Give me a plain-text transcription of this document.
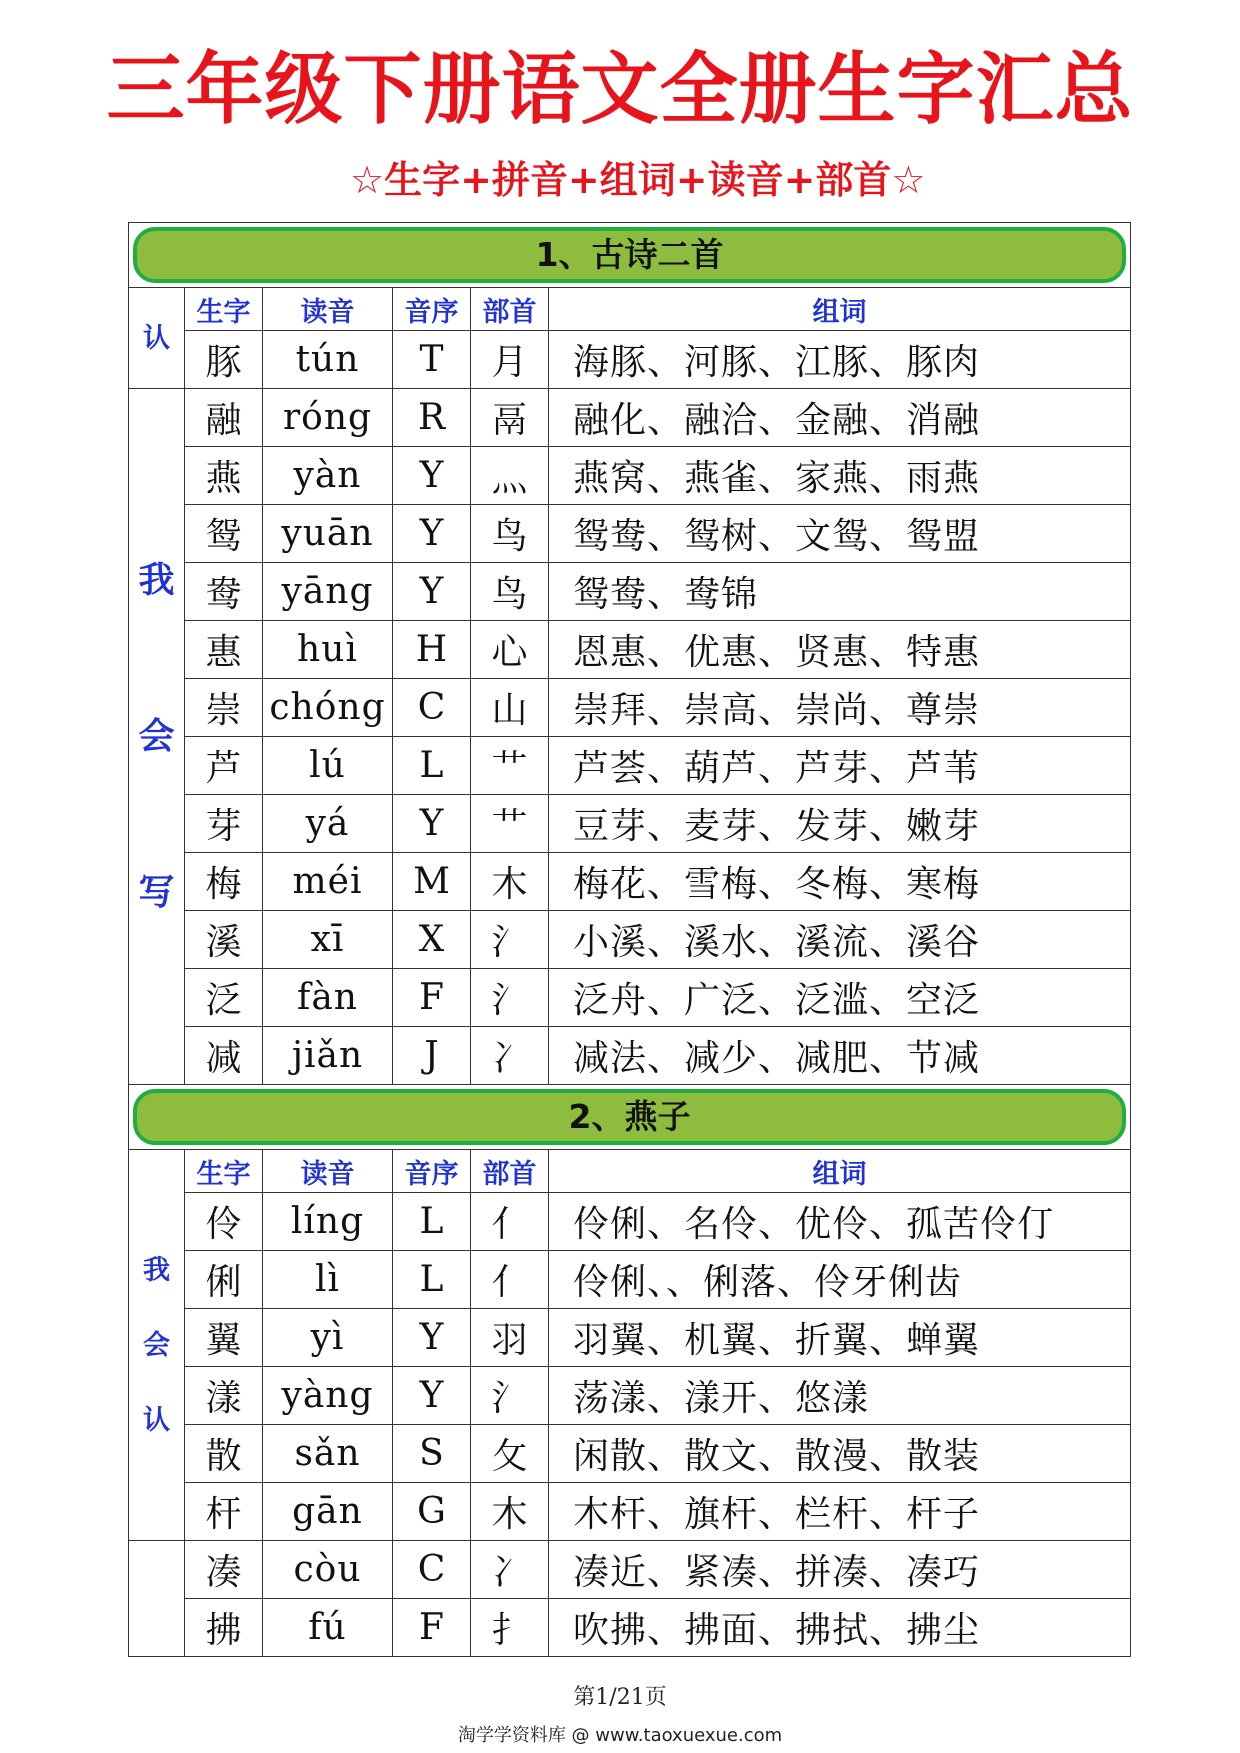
三年级下册语文全册生字汇总
☆生字+拼音+组词+读音+部首☆
1、古诗二首					

认	生字	读音	音序	部首	组词
	豚	tún	T	月	海豚、河豚、江豚、豚肉

我
会
写	融	róng	R	鬲	融化、融洽、金融、消融
	燕	yàn	Y	灬	燕窝、燕雀、家燕、雨燕
	鸳	yuān	Y	鸟	鸳鸯、鸳树、文鸳、鸳盟
	鸯	yāng	Y	鸟	鸳鸯、鸯锦
	惠	huì	H	心	恩惠、优惠、贤惠、特惠
	崇	chóng	C	山	崇拜、崇高、崇尚、尊崇
	芦	lú	L	艹	芦荟、葫芦、芦芽、芦苇
	芽	yá	Y	艹	豆芽、麦芽、发芽、嫩芽
	梅	méi	M	木	梅花、雪梅、冬梅、寒梅
	溪	xī	X	氵	小溪、溪水、溪流、溪谷
	泛	fàn	F	氵	泛舟、广泛、泛滥、空泛
	减	jiǎn	J	冫	减法、减少、减肥、节减

2、燕子					

我
会
认	生字	读音	音序	部首	组词
	伶	líng	L	亻	伶俐、名伶、优伶、孤苦伶仃
	俐	lì	L	亻	伶俐、、俐落、伶牙俐齿
	翼	yì	Y	羽	羽翼、机翼、折翼、蝉翼
	漾	yàng	Y	氵	荡漾、漾开、悠漾
	散	sǎn	S	攵	闲散、散文、散漫、散装
	杆	gān	G	木	木杆、旗杆、栏杆、杆子
	凑	còu	C	冫	凑近、紧凑、拼凑、凑巧
	拂	fú	F	扌	吹拂、拂面、拂拭、拂尘
第1/21页
淘学学资料库 @ www.taoxuexue.com
